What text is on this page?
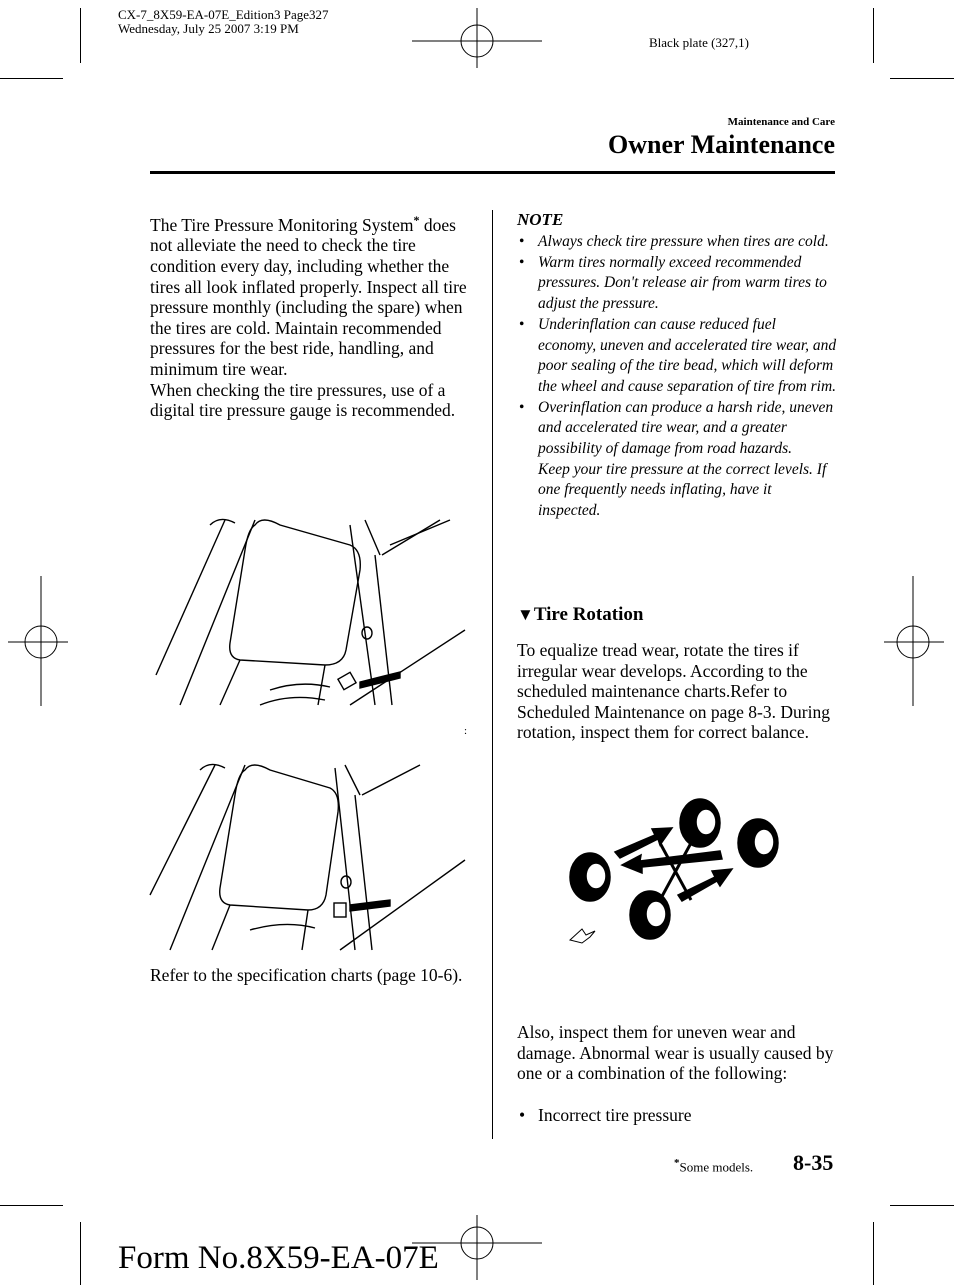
CX-7_8X59-EA-07E_Edition3 Page327
Wednesday, July 25 2007 3:19 PM
Black plate (327,1)
Maintenance and Care
Owner Maintenance
The Tire Pressure Monitoring System* does not alleviate the need to check the tire condition every day, including whether the tires all look inflated properly. Inspect all tire pressure monthly (including the spare) when the tires are cold. Maintain recommended pressures for the best ride, handling, and minimum tire wear.
When checking the tire pressures, use of a digital tire pressure gauge is recommended.
:
Refer to the specification charts (page 10-6).
NOTE
• Always check tire pressure when tires are cold.
• Warm tires normally exceed recommended pressures. Don't release air from warm tires to adjust the pressure.
• Underinflation can cause reduced fuel economy, uneven and accelerated tire wear, and poor sealing of the tire bead, which will deform the wheel and cause separation of tire from rim.
• Overinflation can produce a harsh ride, uneven and accelerated tire wear, and a greater possibility of damage from road hazards.
Keep your tire pressure at the correct levels. If one frequently needs inflating, have it inspected.
▼Tire Rotation
To equalize tread wear, rotate the tires if irregular wear develops. According to the scheduled maintenance charts.Refer to Scheduled Maintenance on page 8-3. During rotation, inspect them for correct balance.
Also, inspect them for uneven wear and damage. Abnormal wear is usually caused by one or a combination of the following:
• Incorrect tire pressure
*Some models. 8-35
Form No.8X59-EA-07E
